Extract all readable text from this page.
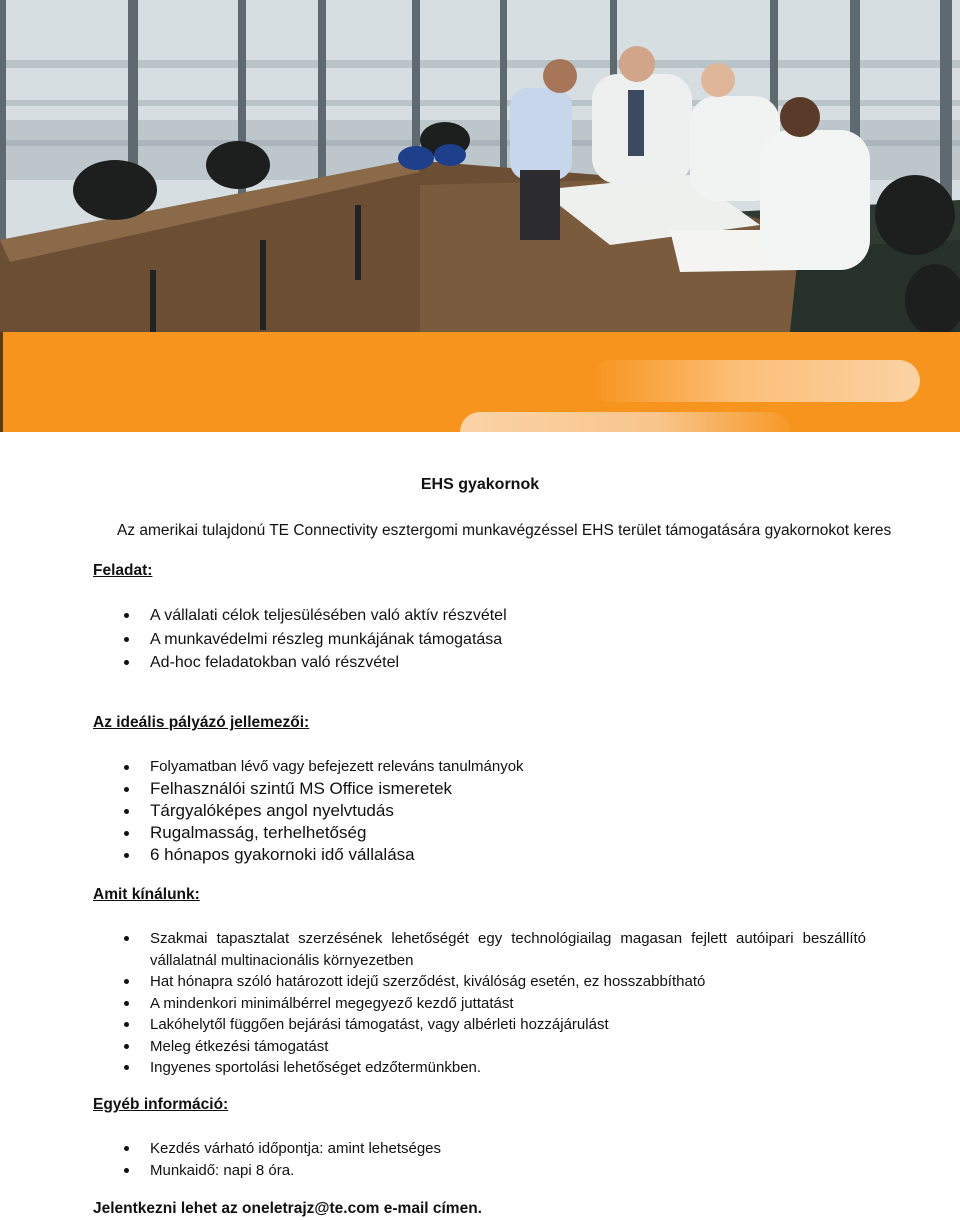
EHS gyakornok
Az amerikai tulajdonú TE Connectivity esztergomi munkavégzéssel EHS terület támogatására gyakornokot keres
Feladat:
A vállalati célok teljesülésében való aktív részvétel
A munkavédelmi részleg munkájának támogatása
Ad-hoc feladatokban való részvétel
Az ideális pályázó jellemezői:
Folyamatban lévő vagy befejezett releváns tanulmányok
Felhasználói szintű MS Office ismeretek
Tárgyalóképes angol nyelvtudás
Rugalmasság, terhelhetőség
6 hónapos gyakornoki idő vállalása
Amit kínálunk:
Szakmai tapasztalat szerzésének lehetőségét egy technológiailag magasan fejlett autóipari beszállító vállalatnál multinacionális környezetben
Hat hónapra szóló határozott idejű szerződést, kiválóság esetén, ez hosszabbítható
A mindenkori minimálbérrel megegyező kezdő juttatást
Lakóhelytől függően bejárási támogatást, vagy albérleti hozzájárulást
Meleg étkezési támogatást
Ingyenes sportolási lehetőséget edzőtermünkben.
Egyéb információ:
Kezdés várható időpontja: amint lehetséges
Munkaidő: napi 8 óra.
Jelentkezni lehet az oneletrajz@te.com e-mail címen.
